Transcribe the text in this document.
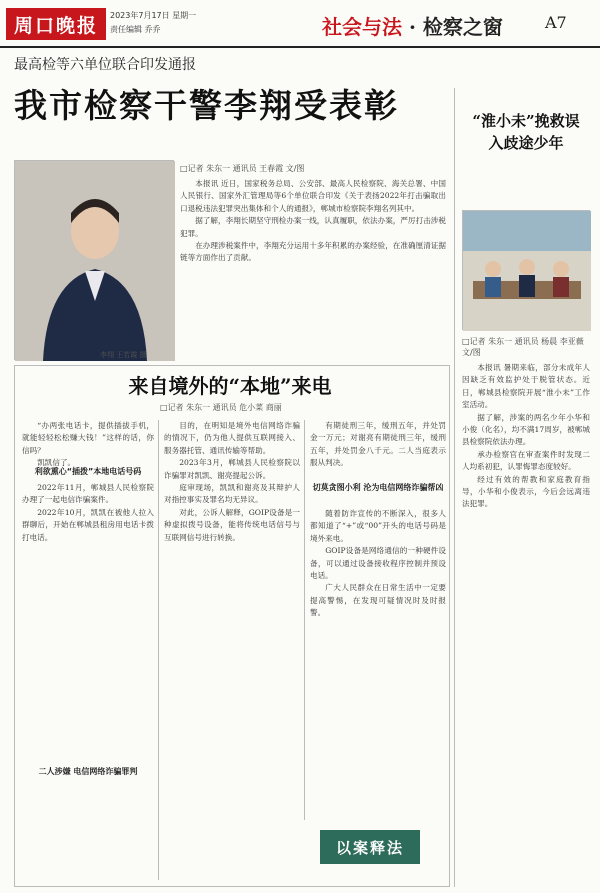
周口晚报	2023年7月17日 星期一
责任编辑 乔乔	社会与法 · 检察之窗	A7
最高检等六单位联合印发通报
我市检察干警李翔受表彰
□记者 朱东一 通讯员 王春霞 文/图
李翔 王若霞 摄

本报讯 近日，国家税务总局、公安部、最高人民检察院、海关总署、中国人民银行、国家外汇管理局等6个单位联合印发《关于表扬2022年打击骗取出口退税违法犯罪突出集体和个人的通报》，郸城市检察院李翔名列其中。

据了解，李翔长期坚守刑检办案一线，认真履职，依法办案，严厉打击涉税犯罪。

在办理涉税案件中，李翔充分运用十多年积累的办案经验，在准确厘清证据链等方面作出了贡献。

“淮小未”挽救误入歧途少年
□记者 朱东一 通讯员 杨晨 李亚薇 文/图

本报讯 暑期来临，部分未成年人因缺乏有效监护处于脱管状态。近日，郸城县检察院开展“淮小未”工作室活动。

据了解，涉案的两名少年小华和小俊（化名），均不满17周岁，被郸城县检察院依法办理。

承办检察官在审查案件时发现二人均系初犯，认罪悔罪态度较好。

经过有效的帮教和家庭教育指导，小华和小俊表示，今后会远离违法犯罪。

来自境外的“本地”来电
□记者 朱东一 通讯员 危小菜 商丽

“办两张电话卡，提供插拔手机，就能轻轻松松赚大钱！”这样的话，你信吗？

凯凯信了。

利欲熏心“插拨”本地电话号码

2022年11月，郸城县人民检察院办理了一起电信诈骗案件。

2022年10月，凯凯在被他人拉入群聊后，开始在郸城县租房用电话卡拨打电话。

二人涉嫌 电信网络诈骗罪判

目的，在明知是境外电信网络诈骗的情况下，仍为他人提供互联网接入、服务器托管、通讯传输等帮助。

2023年3月，郸城县人民检察院以诈骗罪对凯凯、谢亮提起公诉。

庭审现场，凯凯和谢亮及其辩护人对指控事实及罪名均无异议。

对此，公诉人解释，GOIP设备是一种虚拟拨号设备，能将传统电话信号与互联网信号进行转换。

有期徒刑三年，缓刑五年，并处罚金一万元；对谢亮有期徒刑三年，缓刑五年，并处罚金八千元。二人当庭表示服从判决。

切莫贪图小利 沦为电信网络诈骗帮凶

随着防诈宣传的不断深入，很多人都知道了“+”或“00”开头的电话号码是境外来电。

GOIP设备是网络通信的一种硬件设备，可以通过设备接收程序控制并预设电话。

广大人民群众在日常生活中一定要提高警惕，在发现可疑情况时及时报警。

以案释法
